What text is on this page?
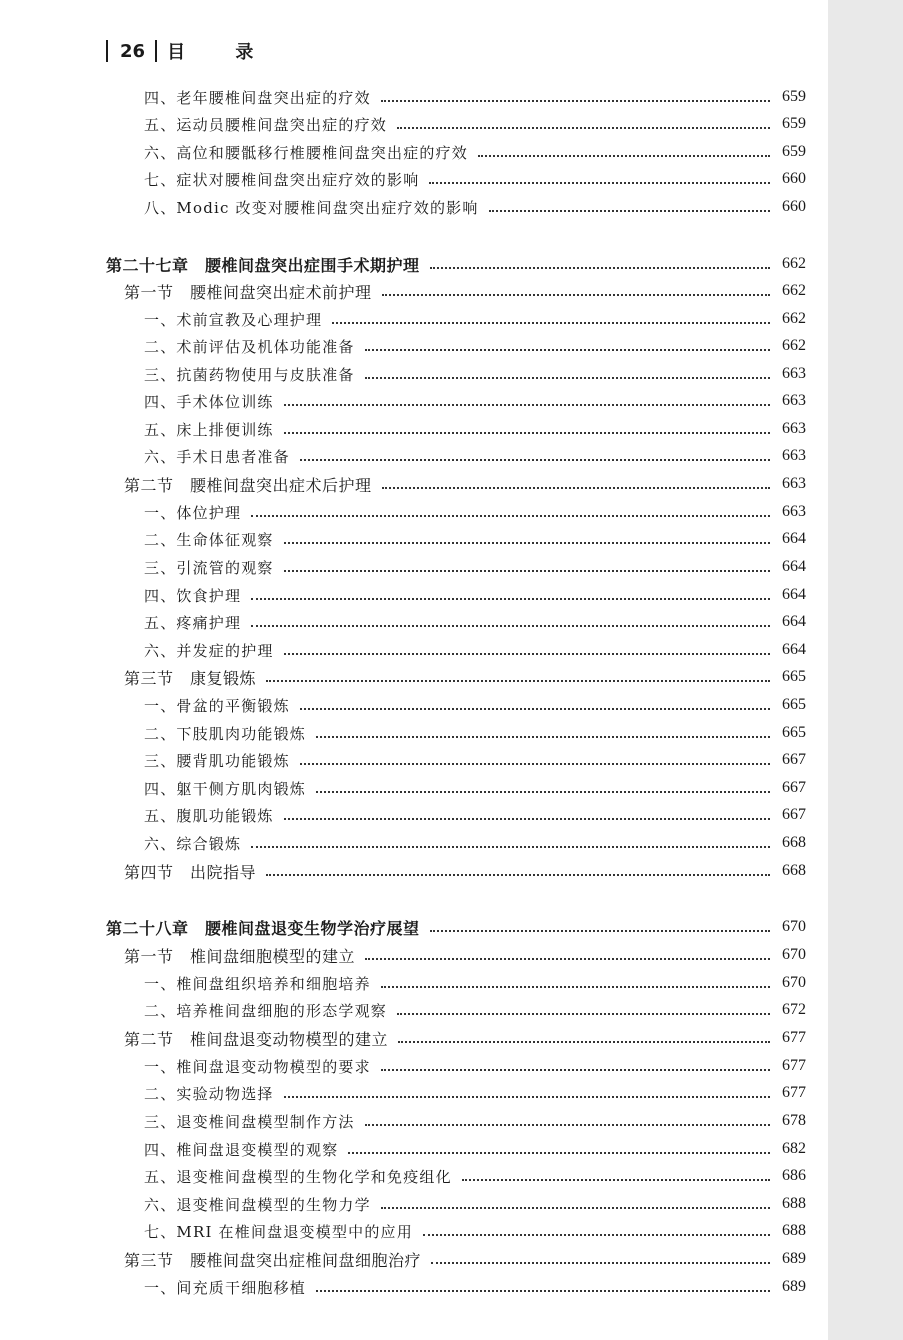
26 目 录
四、老年腰椎间盘突出症的疗效	659
五、运动员腰椎间盘突出症的疗效	659
六、高位和腰骶移行椎腰椎间盘突出症的疗效	659
七、症状对腰椎间盘突出症疗效的影响	660
八、Modic 改变对腰椎间盘突出症疗效的影响	660
第二十七章　腰椎间盘突出症围手术期护理	662
第一节　腰椎间盘突出症术前护理	662
一、术前宣教及心理护理	662
二、术前评估及机体功能准备	662
三、抗菌药物使用与皮肤准备	663
四、手术体位训练	663
五、床上排便训练	663
六、手术日患者准备	663
第二节　腰椎间盘突出症术后护理	663
一、体位护理	663
二、生命体征观察	664
三、引流管的观察	664
四、饮食护理	664
五、疼痛护理	664
六、并发症的护理	664
第三节　康复锻炼	665
一、骨盆的平衡锻炼	665
二、下肢肌肉功能锻炼	665
三、腰背肌功能锻炼	667
四、躯干侧方肌肉锻炼	667
五、腹肌功能锻炼	667
六、综合锻炼	668
第四节　出院指导	668
第二十八章　腰椎间盘退变生物学治疗展望	670
第一节　椎间盘细胞模型的建立	670
一、椎间盘组织培养和细胞培养	670
二、培养椎间盘细胞的形态学观察	672
第二节　椎间盘退变动物模型的建立	677
一、椎间盘退变动物模型的要求	677
二、实验动物选择	677
三、退变椎间盘模型制作方法	678
四、椎间盘退变模型的观察	682
五、退变椎间盘模型的生物化学和免疫组化	686
六、退变椎间盘模型的生物力学	688
七、MRI 在椎间盘退变模型中的应用	688
第三节　腰椎间盘突出症椎间盘细胞治疗	689
一、间充质干细胞移植	689
